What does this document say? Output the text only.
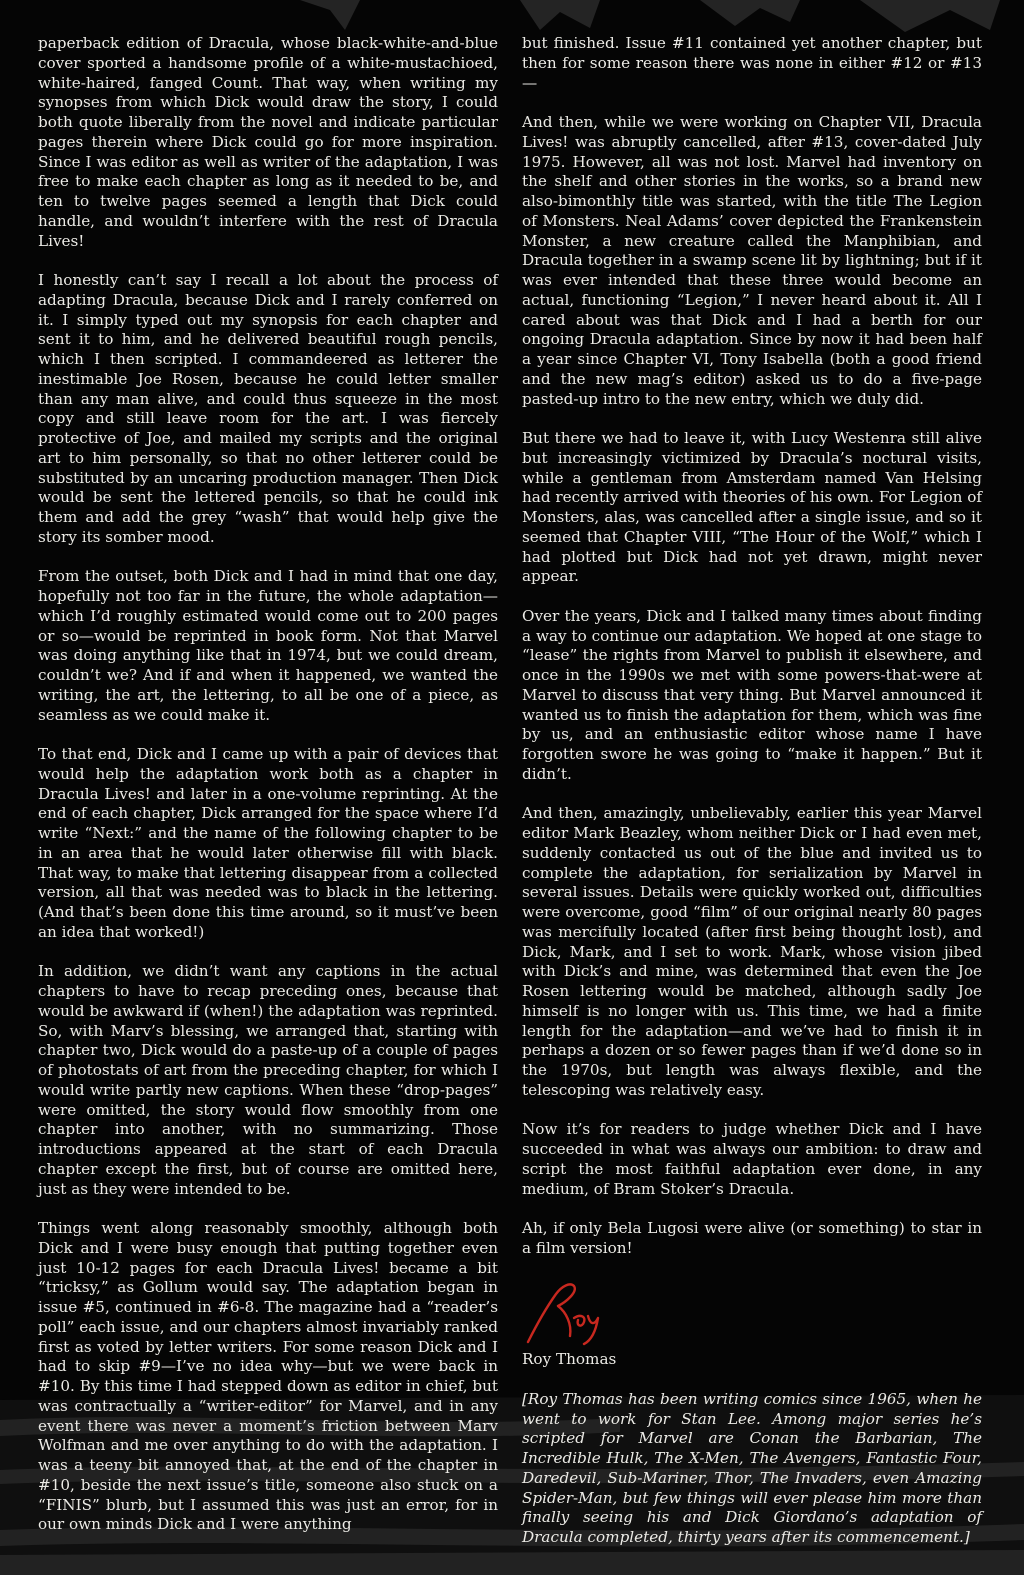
paperback edition of Dracula, whose black-white-and-blue cover sported a handsome profile of a white-mustachioed, white-haired, fanged Count. That way, when writing my synopses from which Dick would draw the story, I could both quote liberally from the novel and indicate particular pages therein where Dick could go for more inspiration. Since I was editor as well as writer of the adaptation, I was free to make each chapter as long as it needed to be, and ten to twelve pages seemed a length that Dick could handle, and wouldn’t interfere with the rest of Dracula Lives!

I honestly can’t say I recall a lot about the process of adapting Dracula, because Dick and I rarely conferred on it. I simply typed out my synopsis for each chapter and sent it to him, and he delivered beautiful rough pencils, which I then scripted. I commandeered as letterer the inestimable Joe Rosen, because he could letter smaller than any man alive, and could thus squeeze in the most copy and still leave room for the art. I was fiercely protective of Joe, and mailed my scripts and the original art to him personally, so that no other letterer could be substituted by an uncaring production manager. Then Dick would be sent the lettered pencils, so that he could ink them and add the grey “wash” that would help give the story its somber mood.

From the outset, both Dick and I had in mind that one day, hopefully not too far in the future, the whole adaptation—which I’d roughly estimated would come out to 200 pages or so—would be reprinted in book form. Not that Marvel was doing anything like that in 1974, but we could dream, couldn’t we? And if and when it happened, we wanted the writing, the art, the lettering, to all be one of a piece, as seamless as we could make it.

To that end, Dick and I came up with a pair of devices that would help the adaptation work both as a chapter in Dracula Lives! and later in a one-volume reprinting. At the end of each chapter, Dick arranged for the space where I’d write “Next:” and the name of the following chapter to be in an area that he would later otherwise fill with black. That way, to make that lettering disappear from a collected version, all that was needed was to black in the lettering. (And that’s been done this time around, so it must’ve been an idea that worked!)

In addition, we didn’t want any captions in the actual chapters to have to recap preceding ones, because that would be awkward if (when!) the adaptation was reprinted. So, with Marv’s blessing, we arranged that, starting with chapter two, Dick would do a paste-up of a couple of pages of photostats of art from the preceding chapter, for which I would write partly new captions. When these “drop-pages” were omitted, the story would flow smoothly from one chapter into another, with no summarizing. Those introductions appeared at the start of each Dracula chapter except the first, but of course are omitted here, just as they were intended to be.

Things went along reasonably smoothly, although both Dick and I were busy enough that putting together even just 10-12 pages for each Dracula Lives! became a bit “tricksy,” as Gollum would say. The adaptation began in issue #5, continued in #6-8. The magazine had a “reader’s poll” each issue, and our chapters almost invariably ranked first as voted by letter writers. For some reason Dick and I had to skip #9—I’ve no idea why—but we were back in #10. By this time I had stepped down as editor in chief, but was contractually a “writer-editor” for Marvel, and in any event there was never a moment’s friction between Marv Wolfman and me over anything to do with the adaptation. I was a teeny bit annoyed that, at the end of the chapter in #10, beside the next issue’s title, someone also stuck on a “FINIS” blurb, but I assumed this was just an error, for in our own minds Dick and I were anything

but finished. Issue #11 contained yet another chapter, but then for some reason there was none in either #12 or #13—

And then, while we were working on Chapter VII, Dracula Lives! was abruptly cancelled, after #13, cover-dated July 1975. However, all was not lost. Marvel had inventory on the shelf and other stories in the works, so a brand new also-bimonthly title was started, with the title The Legion of Monsters. Neal Adams’ cover depicted the Frankenstein Monster, a new creature called the Manphibian, and Dracula together in a swamp scene lit by lightning; but if it was ever intended that these three would become an actual, functioning “Legion,” I never heard about it. All I cared about was that Dick and I had a berth for our ongoing Dracula adaptation. Since by now it had been half a year since Chapter VI, Tony Isabella (both a good friend and the new mag’s editor) asked us to do a five-page pasted-up intro to the new entry, which we duly did.

But there we had to leave it, with Lucy Westenra still alive but increasingly victimized by Dracula’s noctural visits, while a gentleman from Amsterdam named Van Helsing had recently arrived with theories of his own. For Legion of Monsters, alas, was cancelled after a single issue, and so it seemed that Chapter VIII, “The Hour of the Wolf,” which I had plotted but Dick had not yet drawn, might never appear.

Over the years, Dick and I talked many times about finding a way to continue our adaptation. We hoped at one stage to “lease” the rights from Marvel to publish it elsewhere, and once in the 1990s we met with some powers-that-were at Marvel to discuss that very thing. But Marvel announced it wanted us to finish the adaptation for them, which was fine by us, and an enthusiastic editor whose name I have forgotten swore he was going to “make it happen.” But it didn’t.

And then, amazingly, unbelievably, earlier this year Marvel editor Mark Beazley, whom neither Dick or I had even met, suddenly contacted us out of the blue and invited us to complete the adaptation, for serialization by Marvel in several issues. Details were quickly worked out, difficulties were overcome, good “film” of our original nearly 80 pages was mercifully located (after first being thought lost), and Dick, Mark, and I set to work. Mark, whose vision jibed with Dick’s and mine, was determined that even the Joe Rosen lettering would be matched, although sadly Joe himself is no longer with us. This time, we had a finite length for the adaptation—and we’ve had to finish it in perhaps a dozen or so fewer pages than if we’d done so in the 1970s, but length was always flexible, and the telescoping was relatively easy.

Now it’s for readers to judge whether Dick and I have succeeded in what was always our ambition: to draw and script the most faithful adaptation ever done, in any medium, of Bram Stoker’s Dracula.

Ah, if only Bela Lugosi were alive (or something) to star in a film version!

Roy Thomas

[Roy Thomas has been writing comics since 1965, when he went to work for Stan Lee. Among major series he’s scripted for Marvel are Conan the Barbarian, The Incredible Hulk, The X-Men, The Avengers, Fantastic Four, Daredevil, Sub-Mariner, Thor, The Invaders, even Amazing Spider-Man, but few things will ever please him more than finally seeing his and Dick Giordano’s adaptation of Dracula completed, thirty years after its commencement.]
